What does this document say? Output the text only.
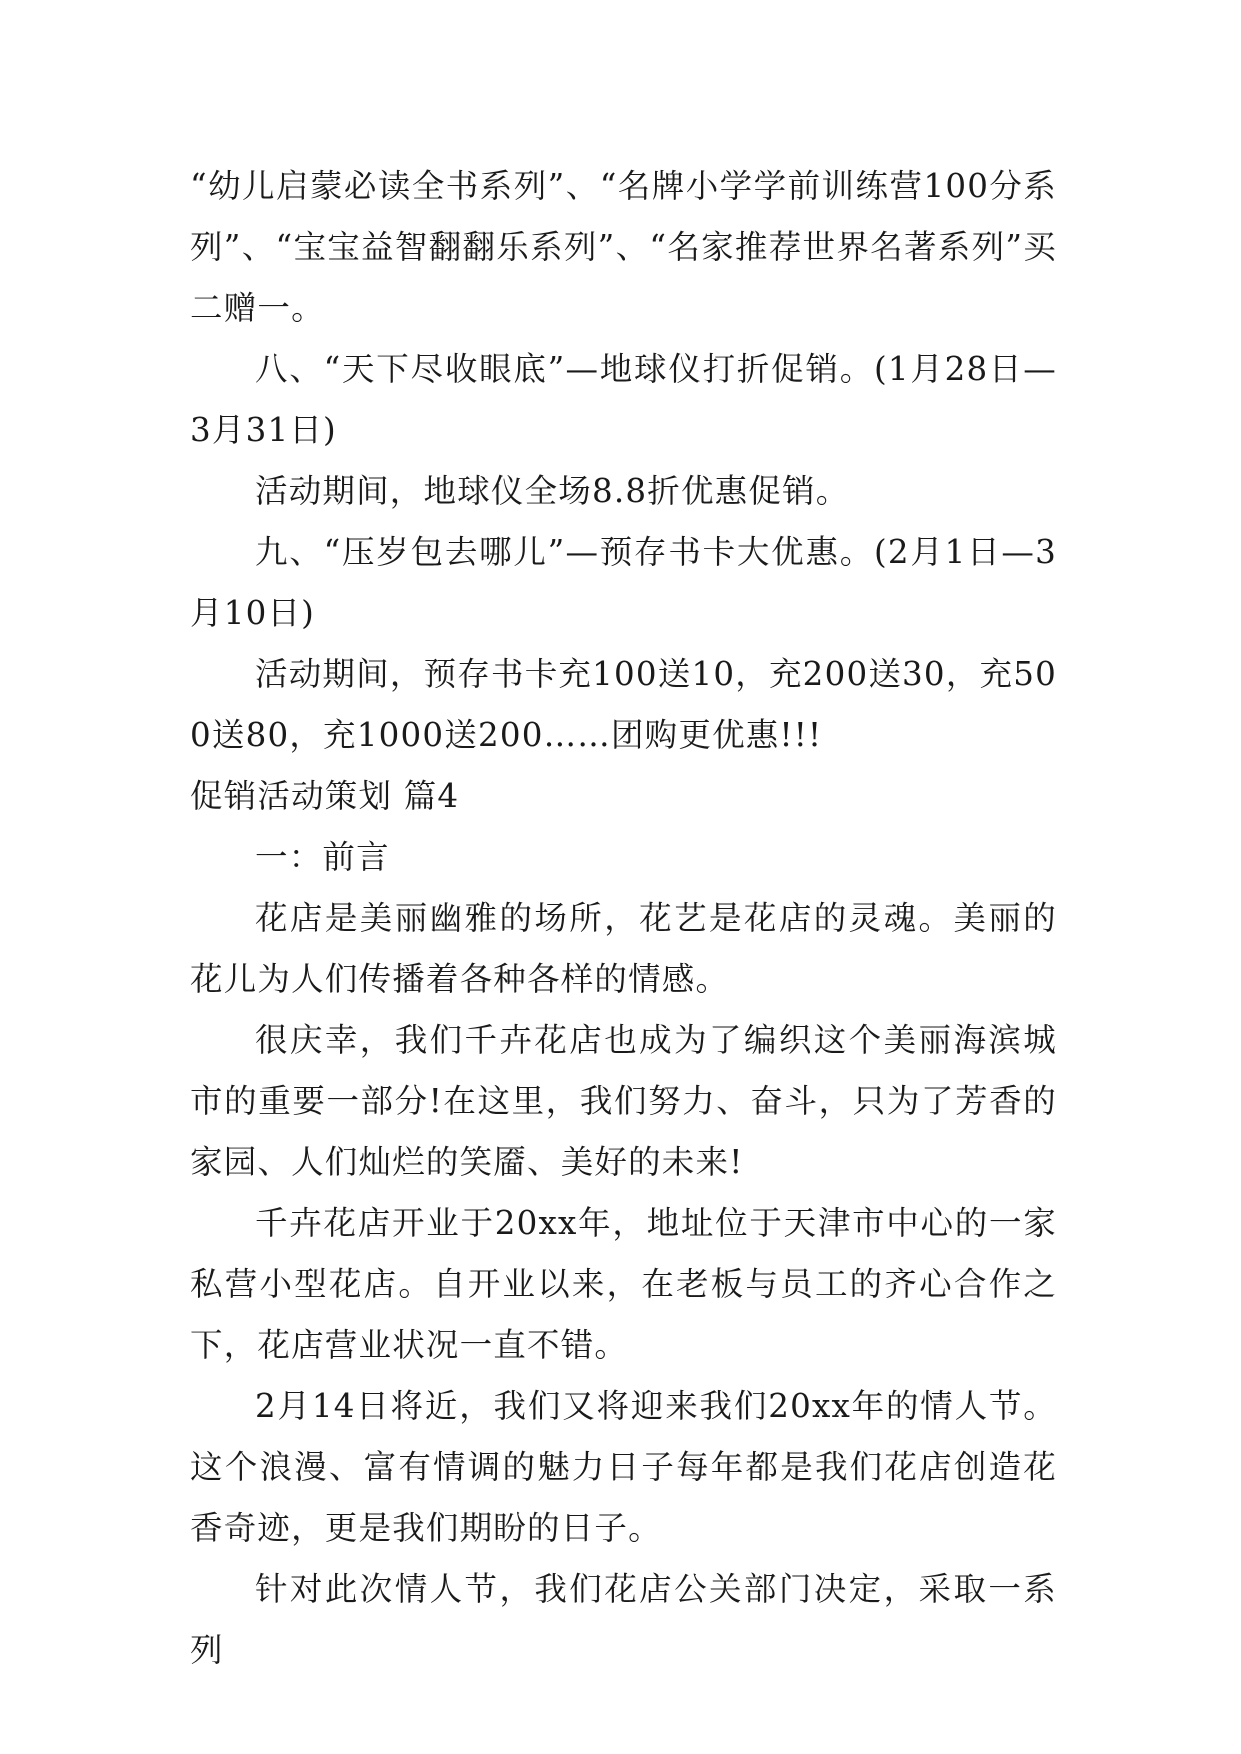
“幼儿启蒙必读全书系列”、“名牌小学学前训练营100分系列”、“宝宝益智翻翻乐系列”、“名家推荐世界名著系列”买二赠一。

八、“天下尽收眼底”—地球仪打折促销。(1月28日—3月31日)

活动期间，地球仪全场8.8折优惠促销。

九、“压岁包去哪儿”—预存书卡大优惠。(2月1日—3月10日)

活动期间，预存书卡充100送10，充200送30，充500送80，充1000送200……团购更优惠!!!

促销活动策划 篇4

一：前言

花店是美丽幽雅的场所，花艺是花店的灵魂。美丽的花儿为人们传播着各种各样的情感。

很庆幸，我们千卉花店也成为了编织这个美丽海滨城市的重要一部分!在这里，我们努力、奋斗，只为了芳香的家园、人们灿烂的笑靥、美好的未来!

千卉花店开业于20xx年，地址位于天津市中心的一家私营小型花店。自开业以来，在老板与员工的齐心合作之下，花店营业状况一直不错。

2月14日将近，我们又将迎来我们20xx年的情人节。这个浪漫、富有情调的魅力日子每年都是我们花店创造花香奇迹，更是我们期盼的日子。

针对此次情人节，我们花店公关部门决定，采取一系列
